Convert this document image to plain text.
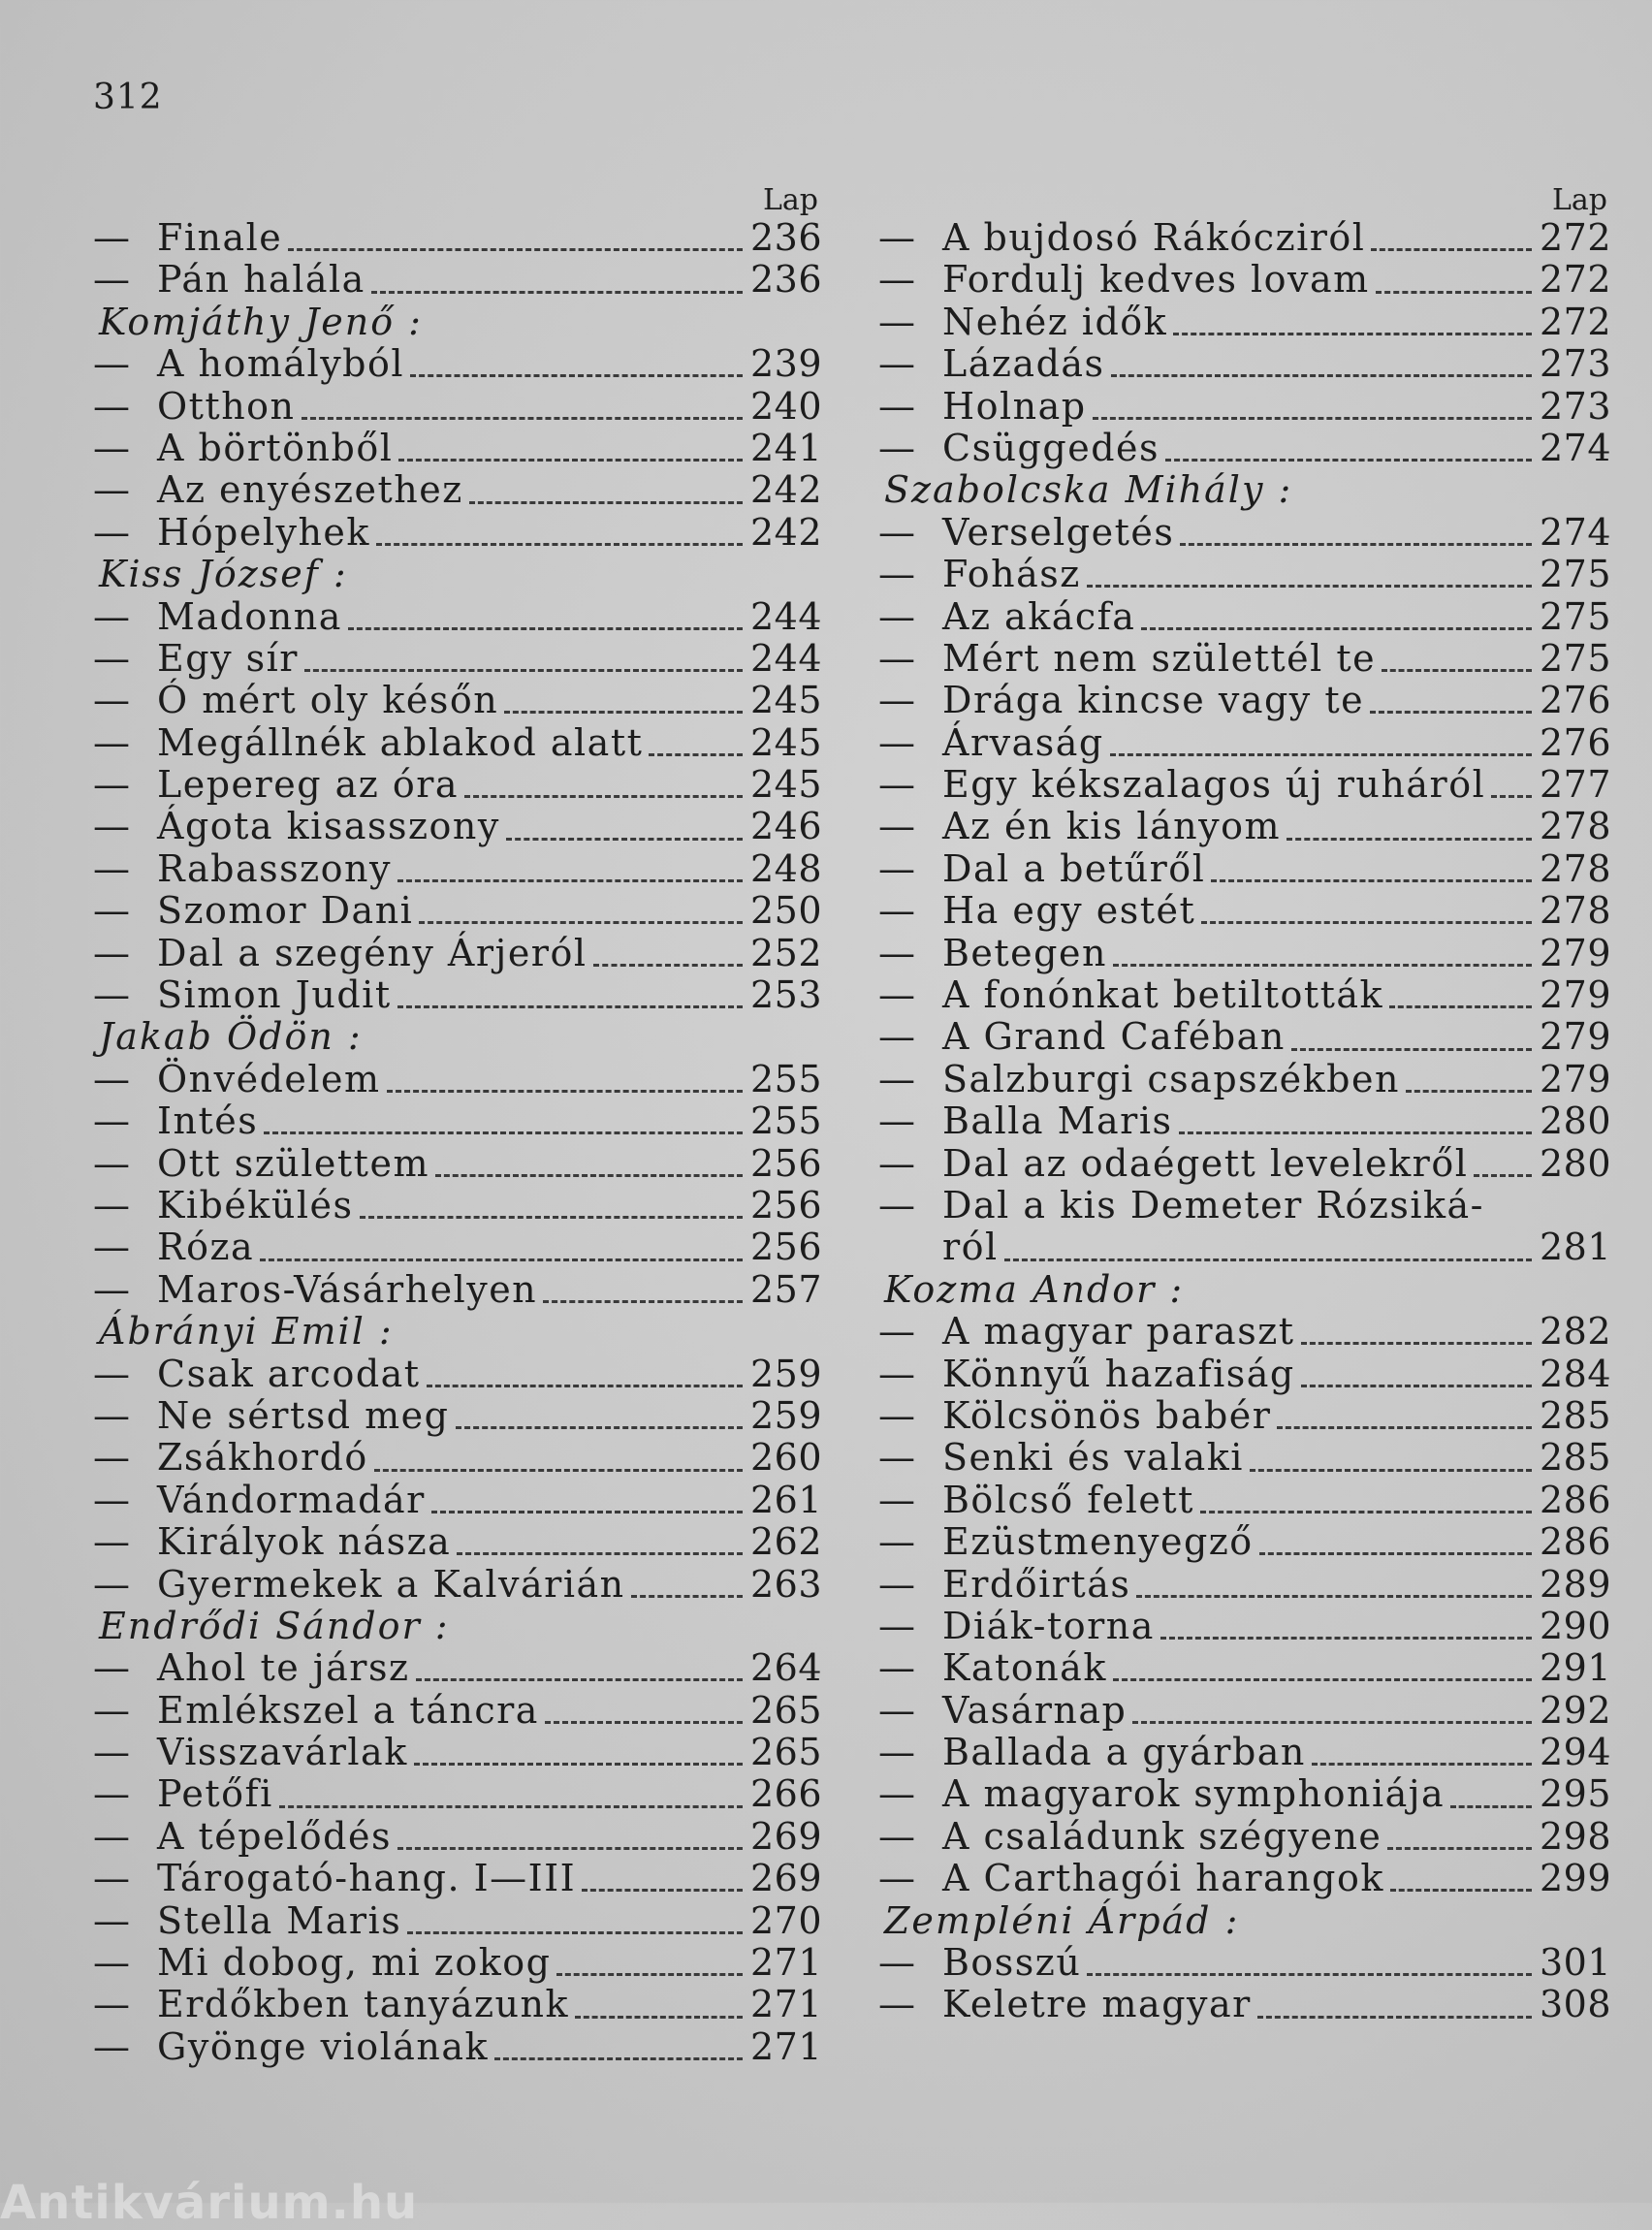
312
Lap
— Finale	236
— Pán halála	236
Komjáthy Jenő :
— A homályból	239
— Otthon	240
— A börtönből	241
— Az enyészethez	242
— Hópelyhek	242
Kiss József :
— Madonna	244
— Egy sír	244
— Ó mért oly későn	245
— Megállnék ablakod alatt	245
— Lepereg az óra	245
— Ágota kisasszony	246
— Rabasszony	248
— Szomor Dani	250
— Dal a szegény Árjeról	252
— Simon Judit	253
Jakab Ödön :
— Önvédelem	255
— Intés	255
— Ott születtem	256
— Kibékülés	256
— Róza	256
— Maros-Vásárhelyen	257
Ábrányi Emil :
— Csak arcodat	259
— Ne sértsd meg	259
— Zsákhordó	260
— Vándormadár	261
— Királyok násza	262
— Gyermekek a Kalvárián	263
Endrődi Sándor :
— Ahol te jársz	264
— Emlékszel a táncra	265
— Visszavárlak	265
— Petőfi	266
— A tépelődés	269
— Tárogató-hang. I—III	269
— Stella Maris	270
— Mi dobog, mi zokog	271
— Erdőkben tanyázunk	271
— Gyönge violának	271
Lap
— A bujdosó Rákócziról	272
— Fordulj kedves lovam	272
— Nehéz idők	272
— Lázadás	273
— Holnap	273
— Csüggedés	274
Szabolcska Mihály :
— Verselgetés	274
— Fohász	275
— Az akácfa	275
— Mért nem születtél te	275
— Drága kincse vagy te	276
— Árvaság	276
— Egy kékszalagos új ruháról 277
— Az én kis lányom	278
— Dal a betűről	278
— Ha egy estét	278
— Betegen	279
— A fonónkat betiltották	279
— A Grand Caféban	279
— Salzburgi csapszékben	279
— Balla Maris	280
— Dal az odaégett levelekről 280
— Dal a kis Demeter Rózsiká-
ról	281
Kozma Andor :
— A magyar paraszt	282
— Könnyű hazafiság	284
— Kölcsönös babér	285
— Senki és valaki	285
— Bölcső felett	286
— Ezüstmenyegző	286
— Erdőirtás	289
— Diák-torna	290
— Katonák	291
— Vasárnap	292
— Ballada a gyárban	294
— A magyarok symphoniája	295
— A családunk szégyene	298
— A Carthagói harangok	299
Zempléni Árpád :
— Bosszú	301
— Keletre magyar	308
Antikvárium.hu
